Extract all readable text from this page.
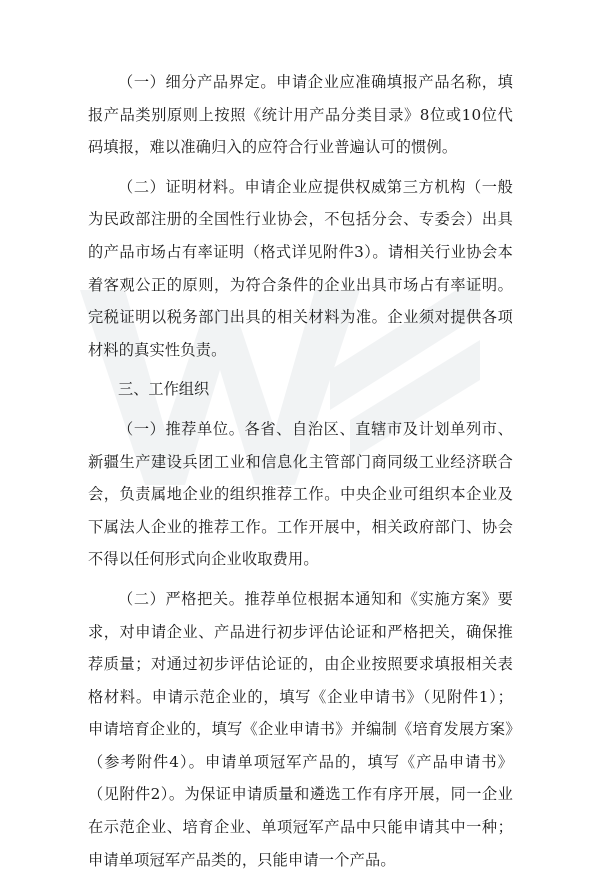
（一）细分产品界定。申请企业应准确填报产品名称，填报产品类别原则上按照《统计用产品分类目录》8位或10位代码填报，难以准确归入的应符合行业普遍认可的惯例。

（二）证明材料。申请企业应提供权威第三方机构（一般为民政部注册的全国性行业协会，不包括分会、专委会）出具的产品市场占有率证明（格式详见附件3）。请相关行业协会本着客观公正的原则，为符合条件的企业出具市场占有率证明。完税证明以税务部门出具的相关材料为准。企业须对提供各项材料的真实性负责。

三、工作组织

（一）推荐单位。各省、自治区、直辖市及计划单列市、新疆生产建设兵团工业和信息化主管部门商同级工业经济联合会，负责属地企业的组织推荐工作。中央企业可组织本企业及下属法人企业的推荐工作。工作开展中，相关政府部门、协会不得以任何形式向企业收取费用。

（二）严格把关。推荐单位根据本通知和《实施方案》要求，对申请企业、产品进行初步评估论证和严格把关，确保推荐质量；对通过初步评估论证的，由企业按照要求填报相关表格材料。申请示范企业的，填写《企业申请书》（见附件1）；申请培育企业的，填写《企业申请书》并编制《培育发展方案》（参考附件4）。申请单项冠军产品的，填写《产品申请书》（见附件2）。为保证申请质量和遴选工作有序开展，同一企业在示范企业、培育企业、单项冠军产品中只能申请其中一种；申请单项冠军产品类的，只能申请一个产品。
